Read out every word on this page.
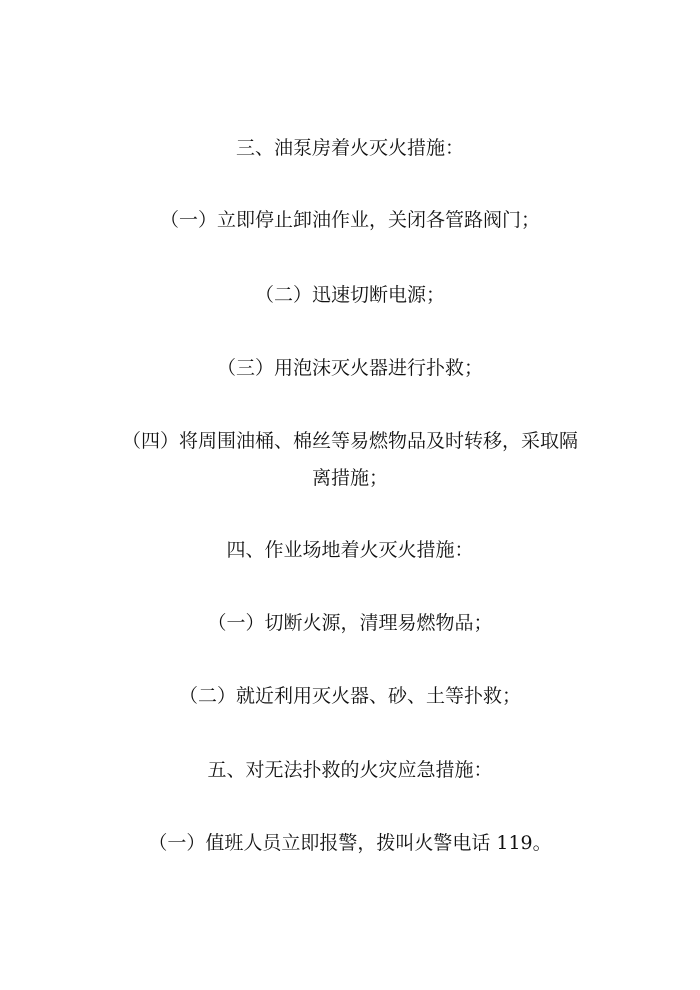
三、油泵房着火灭火措施：
（一）立即停止卸油作业，关闭各管路阀门；
（二）迅速切断电源；
（三）用泡沫灭火器进行扑救；
（四）将周围油桶、棉丝等易燃物品及时转移，采取隔
离措施；
四、作业场地着火灭火措施：
（一）切断火源，清理易燃物品；
（二）就近利用灭火器、砂、土等扑救；
五、对无法扑救的火灾应急措施：
（一）值班人员立即报警，拨叫火警电话 119。
